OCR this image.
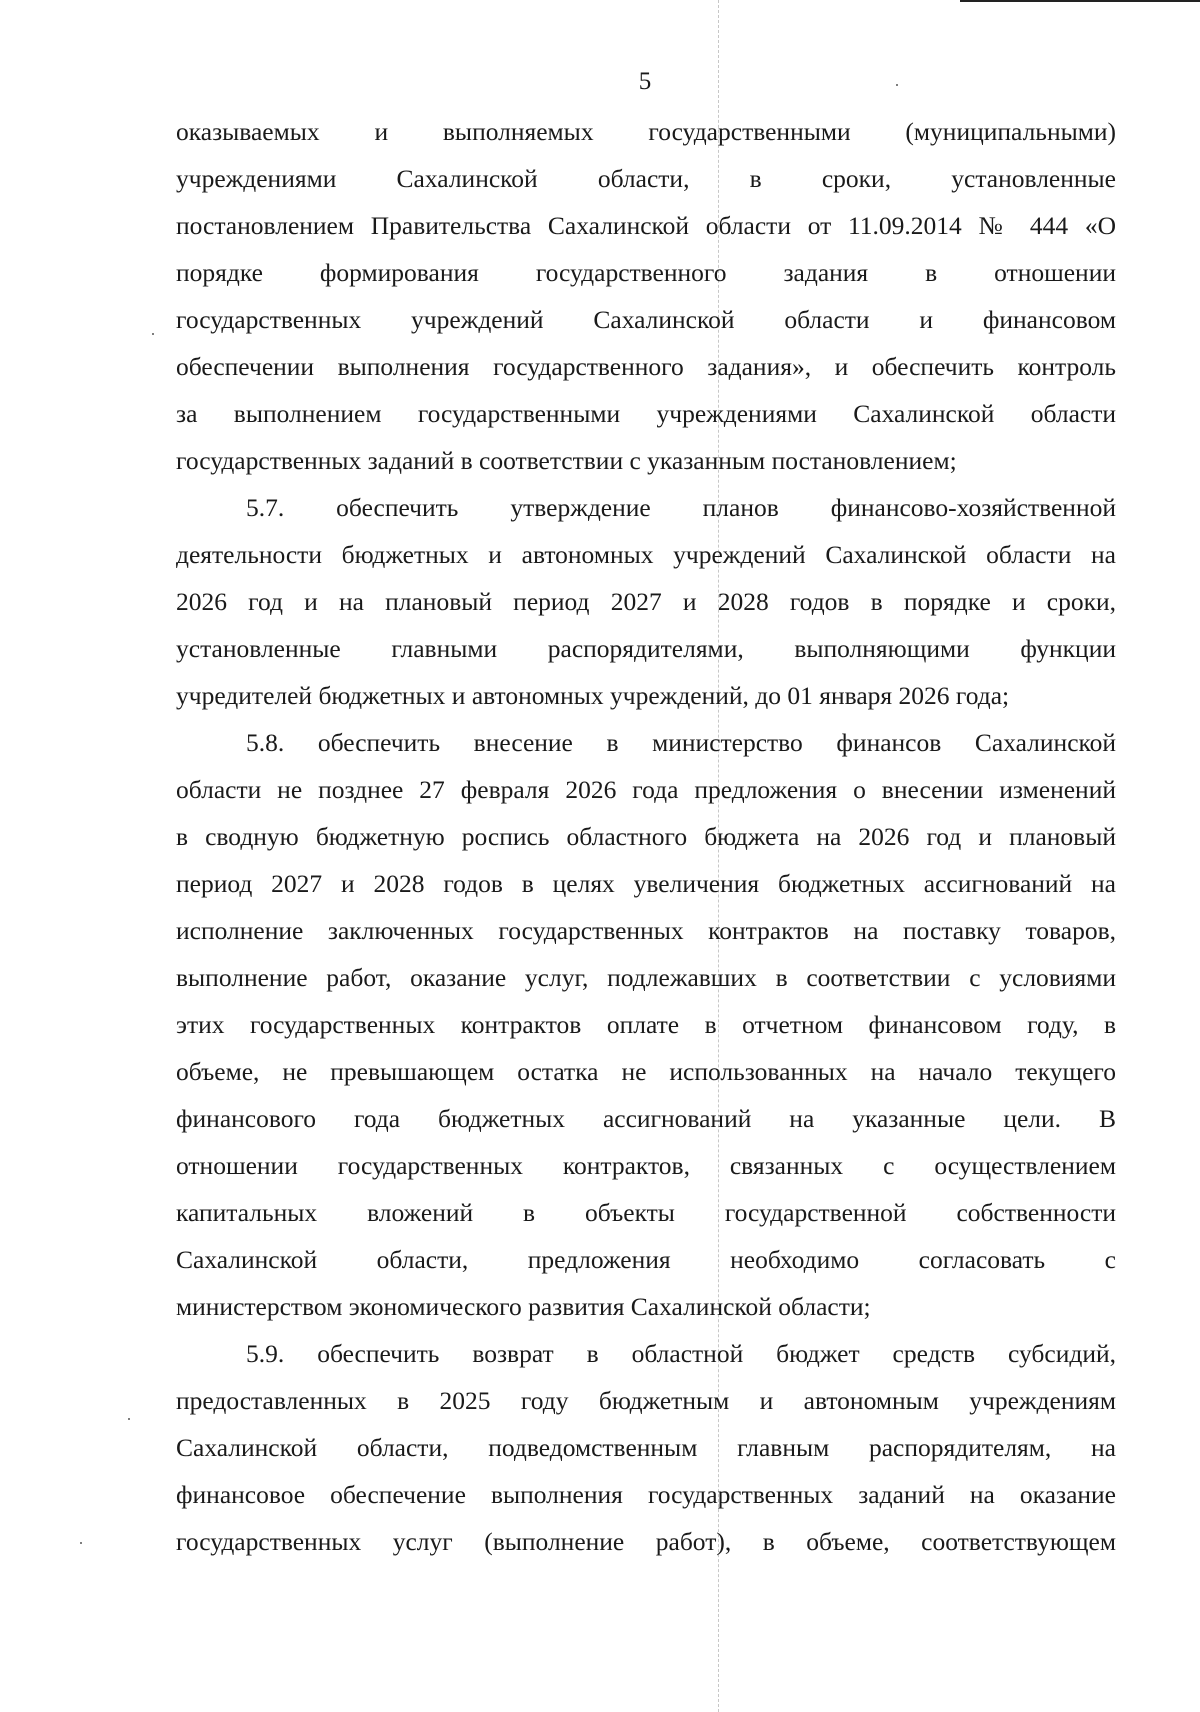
5
оказываемых и выполняемых государственными (муниципальными)
учреждениями Сахалинской области, в сроки, установленные
постановлением Правительства Сахалинской области от 11.09.2014 № 444 «О
порядке формирования государственного задания в отношении
государственных учреждений Сахалинской области и финансовом
обеспечении выполнения государственного задания», и обеспечить контроль
за выполнением государственными учреждениями Сахалинской области
государственных заданий в соответствии с указанным постановлением;
5.7. обеспечить утверждение планов финансово-хозяйственной
деятельности бюджетных и автономных учреждений Сахалинской области на
2026 год и на плановый период 2027 и 2028 годов в порядке и сроки,
установленные главными распорядителями, выполняющими функции
учредителей бюджетных и автономных учреждений, до 01 января 2026 года;
5.8. обеспечить внесение в министерство финансов Сахалинской
области не позднее 27 февраля 2026 года предложения о внесении изменений
в сводную бюджетную роспись областного бюджета на 2026 год и плановый
период 2027 и 2028 годов в целях увеличения бюджетных ассигнований на
исполнение заключенных государственных контрактов на поставку товаров,
выполнение работ, оказание услуг, подлежавших в соответствии с условиями
этих государственных контрактов оплате в отчетном финансовом году, в
объеме, не превышающем остатка не использованных на начало текущего
финансового года бюджетных ассигнований на указанные цели. В
отношении государственных контрактов, связанных с осуществлением
капитальных вложений в объекты государственной собственности
Сахалинской области, предложения необходимо согласовать с
министерством экономического развития Сахалинской области;
5.9. обеспечить возврат в областной бюджет средств субсидий,
предоставленных в 2025 году бюджетным и автономным учреждениям
Сахалинской области, подведомственным главным распорядителям, на
финансовое обеспечение выполнения государственных заданий на оказание
государственных услуг (выполнение работ), в объеме, соответствующем
